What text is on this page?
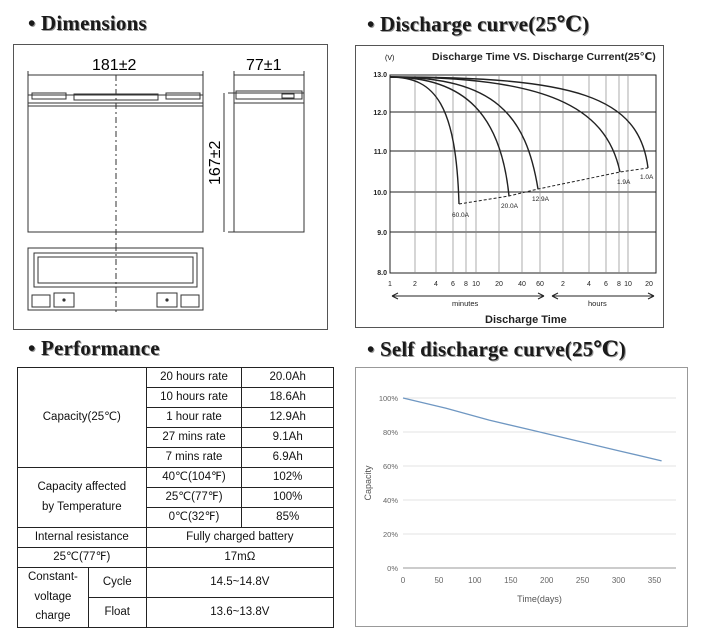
• Dimensions	• Discharge curve(25℃)
• Performance	• Self discharge curve(25℃)
181±2	77±1
167±2
(V)	Discharge Time VS. Discharge Current(25℃)
13.0
12.0
11.0
10.0
9.0
8.0
1	2 4 6 8 10 20 40 60 2	4 6 8 10 20
60.0A
20.0A
12.9A
1.9A
1.0A
minutes	hours
Discharge Time
Capacity(25℃)		20 hours rate	20.0Ah
		10 hours rate	18.6Ah
		1 hour rate	12.9Ah
		27 mins rate	9.1Ah
		7 mins rate	6.9Ah

Capacity affected
by Temperature		40℃(104℉)	102%
		25℃(77℉)	100%
		0℃(32℉)	85%
Internal resistance		Fully charged battery	
25℃(77℉)		17mΩ	

Constant-
voltage
charge	Cycle	14.5~14.8V	
	Float	13.6~13.8V	
0%
20%
40%
60%
80%
100%
0	50	100	150	200	250	300	350
Capacity
Time(days)
